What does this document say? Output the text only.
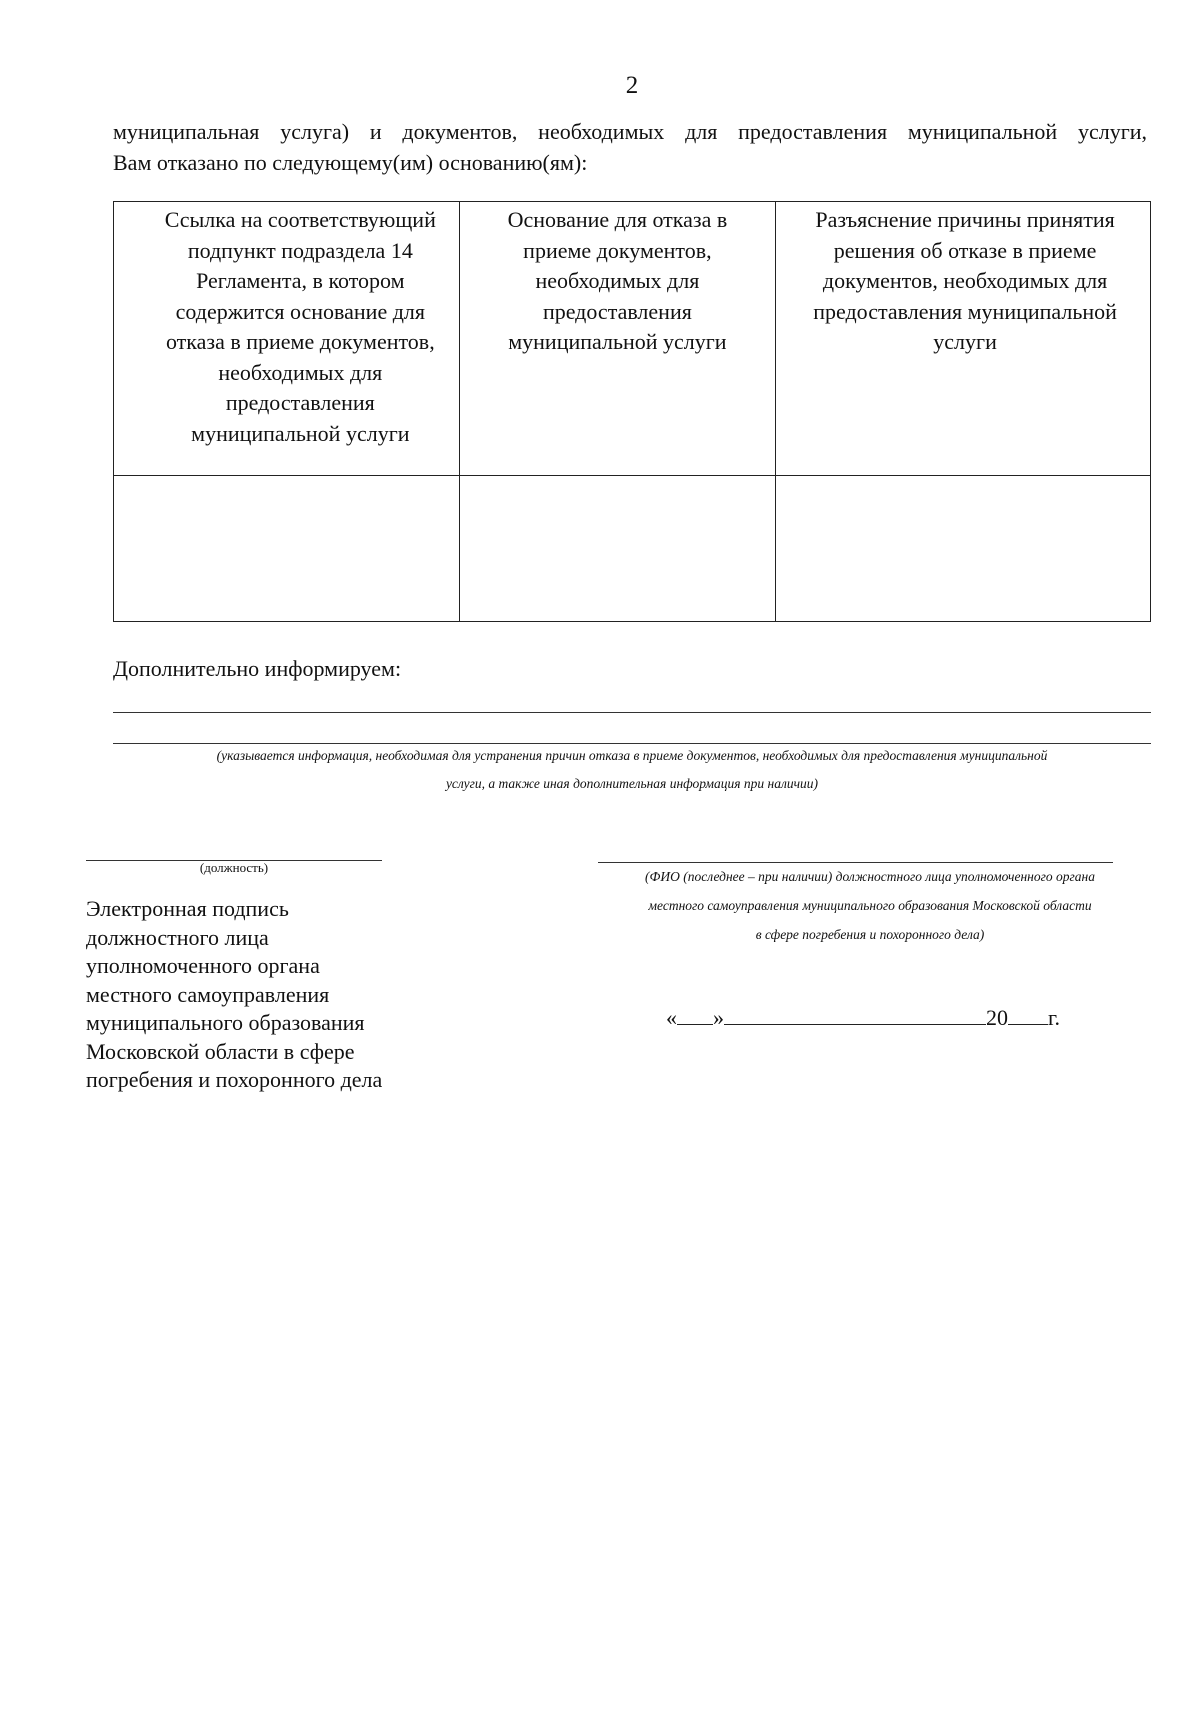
2

муниципальная услуга) и документов, необходимых для предоставления муниципальной услуги,

Вам отказано по следующему(им) основанию(ям):

Ссылка на соответствующий подпункт подраздела 14 Регламента, в котором содержится основание для отказа в приеме документов, необходимых для предоставления муниципальной услуги	Основание для отказа в приеме документов, необходимых для предоставления муниципальной услуги	Разъяснение причины принятия решения об отказе в приеме документов, необходимых для предоставления муниципальной услуги

Дополнительно информируем:
(указывается информация, необходимая для устранения причин отказа в приеме документов, необходимых для предоставления муниципальной
услуги, а также иная дополнительная информация при наличии)
(должность)
Электронная подпись должностного лица уполномоченного органа местного самоуправления муниципального образования Московской области в сфере погребения и похоронного дела
(ФИО (последнее – при наличии) должностного лица уполномоченного органа
местного самоуправления муниципального образования Московской области
в сфере погребения и похоронного дела)

« »	20 г.
